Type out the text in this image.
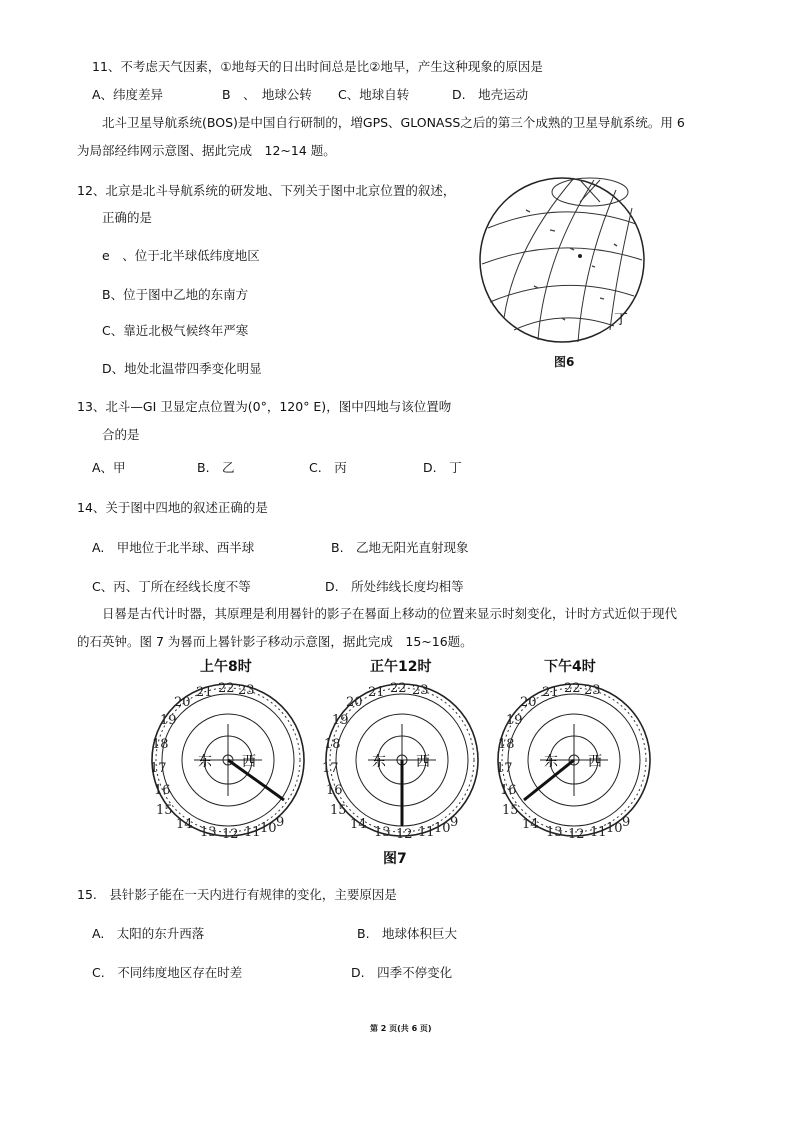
11、不考虑天气因素，①地每天的日出时间总是比②地早，产生这种现象的原因是
A、纬度差异	B　、　地球公转 C、地球自转	D.　地壳运动
北斗卫星导航系统(BOS)是中国自行研制的，増GPS、GLONASS之后的第三个成熟的卫星导航系统。用 6
为局部经纬网示意图、据此完成　12~14 题。
12、北京是北斗导航系统的研发地、下列关于图中北京位置的叙述，
正确的是
e　、位于北半球低纬度地区
B、位于图中乙地的东南方
C、靠近北极气候终年严寒
D、地处北温带四季变化明显
丁
图6
13、北斗—GI 卫显定点位置为(0°，120° E)，图中四地与该位置吻
合的是
A、甲	B.　乙	C.　丙	D.　丁
14、关于图中四地的叙述正确的是
A.　甲地位于北半球、西半球	B.　乙地无阳光直射现象
C、丙、丁所在经线长度不等	D.　所处纬线长度均相等
日晷是古代计时器，其原理是利用晷针的影子在晷面上移动的位置来显示时刻变化，计时方式近似于现代
的石英钟。图 7 为晷而上晷针影子移动示意图，据此完成　15~16题。
上午8时	正午12时	下午4时
14
13 12 11 10 9
15
16
17
18
19
20
21 22 23
东 西
14
13 12 11 10 9
15
16
17
18
19
20
21 22 23
东 西
14
13 12 11 10 9
15
16
17
18
19
20
21 22 23
东 西
图7
15.　县针影子能在一天内进行有规律的变化，主要原因是
A.　太阳的东升西落	B.　地球体积巨大
C.　不同纬度地区存在时差	D.　四季不停变化
第 2 页(共 6 页)
